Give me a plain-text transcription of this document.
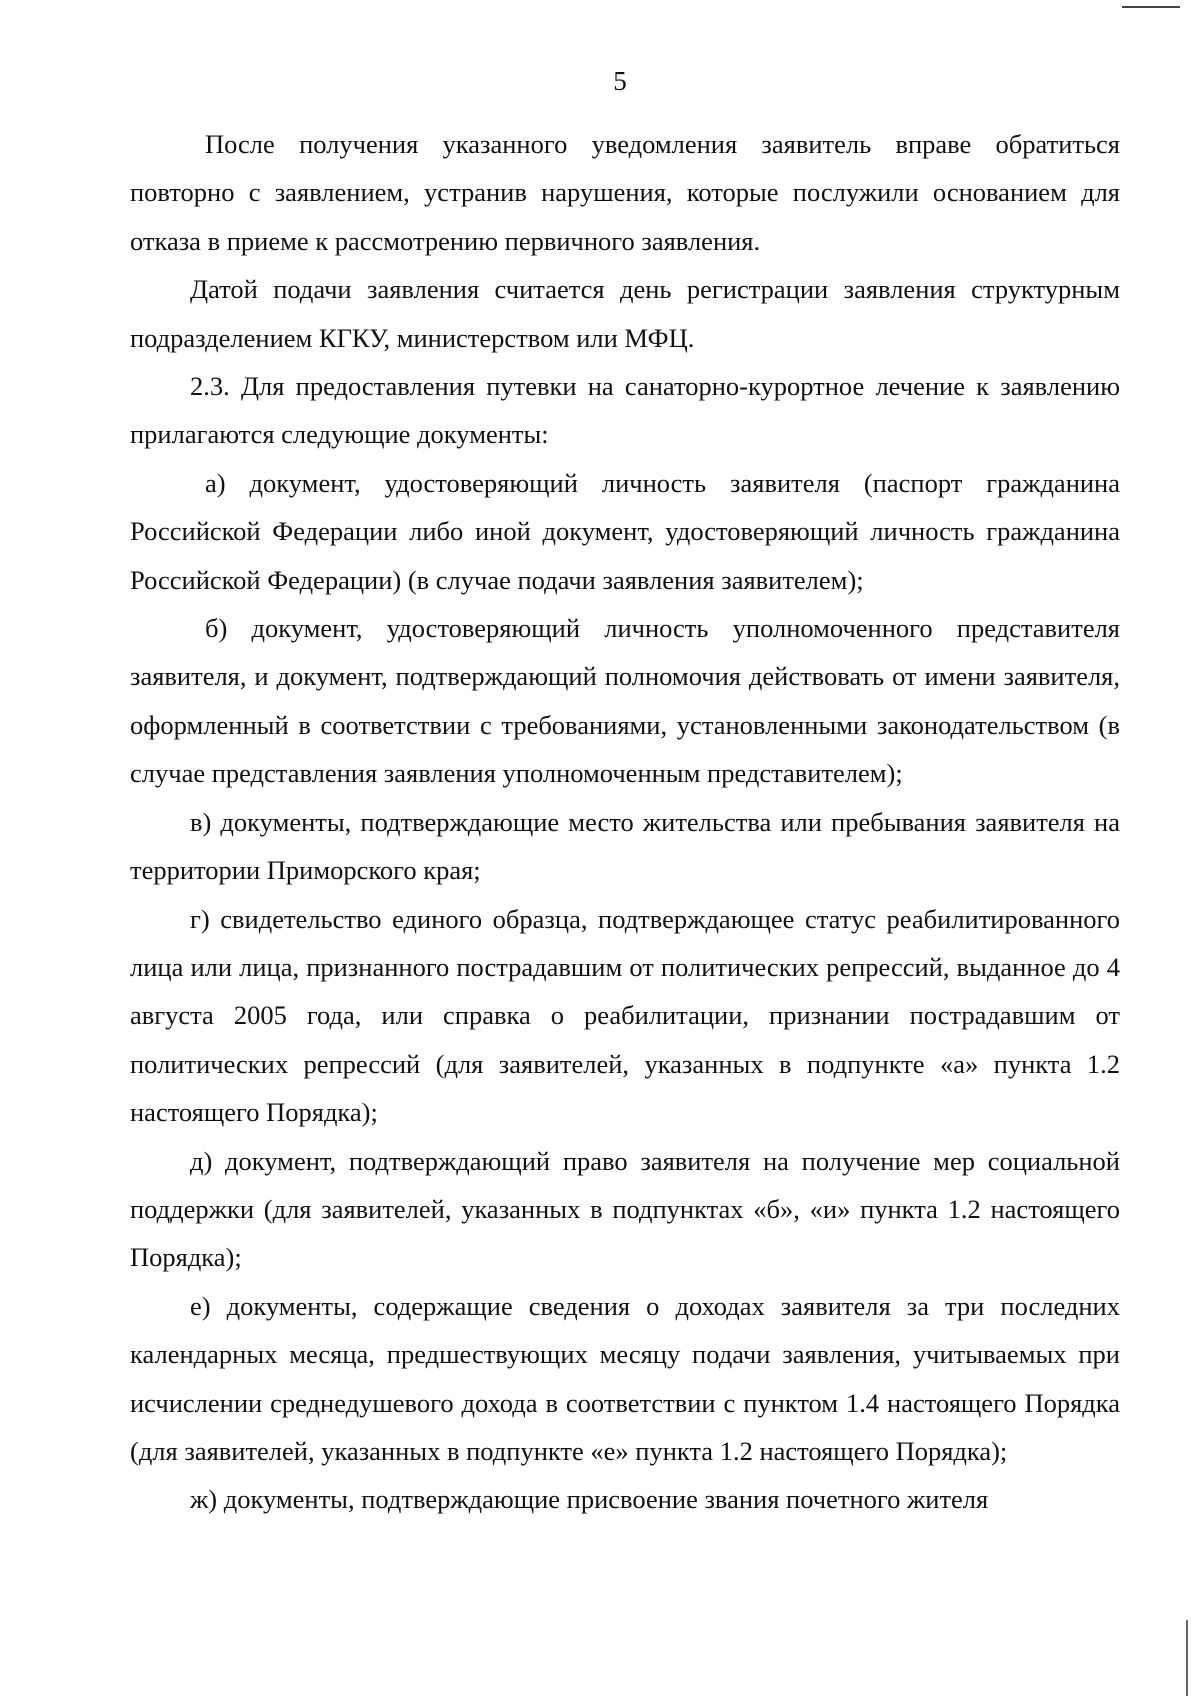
5

После получения указанного уведомления заявитель вправе обратиться повторно с заявлением, устранив нарушения, которые послужили основанием для отказа в приеме к рассмотрению первичного заявления.

Датой подачи заявления считается день регистрации заявления структурным подразделением КГКУ, министерством или МФЦ.

2.3. Для предоставления путевки на санаторно-курортное лечение к заявлению прилагаются следующие документы:

а) документ, удостоверяющий личность заявителя (паспорт гражданина Российской Федерации либо иной документ, удостоверяющий личность гражданина Российской Федерации) (в случае подачи заявления заявителем);

б) документ, удостоверяющий личность уполномоченного представителя заявителя, и документ, подтверждающий полномочия действовать от имени заявителя, оформленный в соответствии с требованиями, установленными законодательством (в случае представления заявления уполномоченным представителем);

в) документы, подтверждающие место жительства или пребывания заявителя на территории Приморского края;

г) свидетельство единого образца, подтверждающее статус реабилитированного лица или лица, признанного пострадавшим от политических репрессий, выданное до 4 августа 2005 года, или справка о реабилитации, признании пострадавшим от политических репрессий (для заявителей, указанных в подпункте «а» пункта 1.2 настоящего Порядка);

д) документ, подтверждающий право заявителя на получение мер социальной поддержки (для заявителей, указанных в подпунктах «б», «и» пункта 1.2 настоящего Порядка);

е) документы, содержащие сведения о доходах заявителя за три последних календарных месяца, предшествующих месяцу подачи заявления, учитываемых при исчислении среднедушевого дохода в соответствии с пунктом 1.4 настоящего Порядка (для заявителей, указанных в подпункте «е» пункта 1.2 настоящего Порядка);

ж) документы, подтверждающие присвоение звания почетного жителя
